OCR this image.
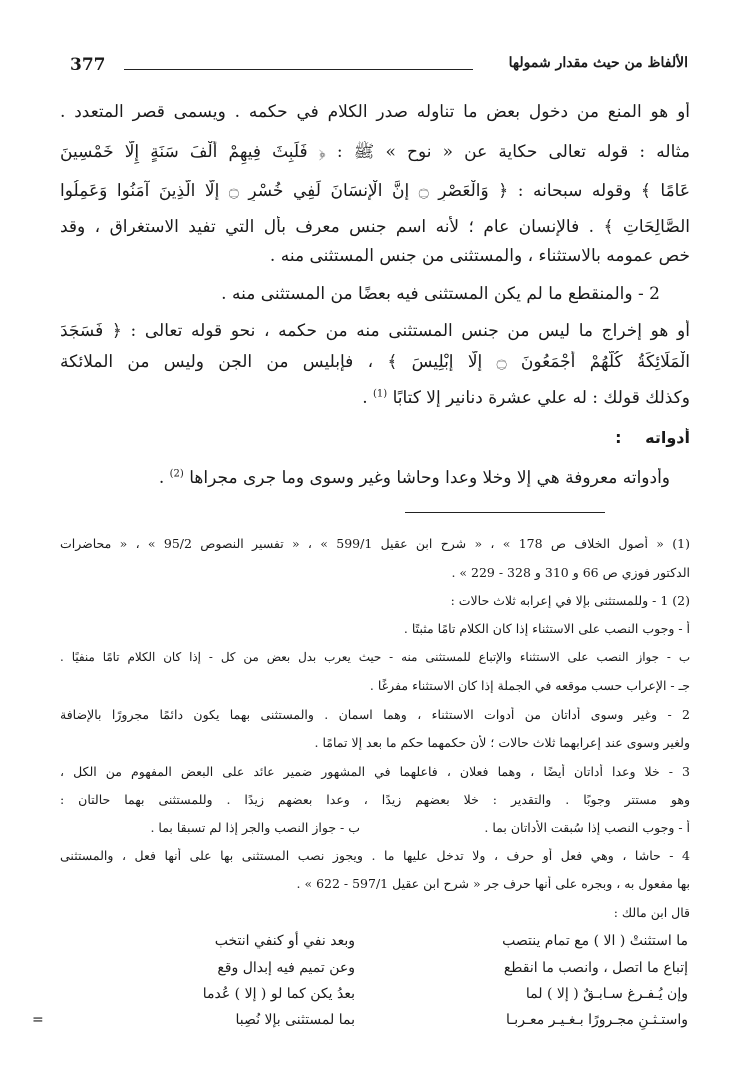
377	الألفاظ من حيث مقدار شمولها
أو هو المنع من دخول بعض ما تناوله صدر الكلام في حكمه . ويسمى قصر المتعدد .
مثاله : قوله تعالى حكاية عن « نوح » ﷺ : ﴿ فَلَبِثَ فِيهِمْ أَلْفَ سَنَةٍ إِلَّا خَمْسِينَ
عَامًا ﴾ وقوله سبحانه : ﴿ وَالْعَصْرِ ۝ إِنَّ الْإِنسَانَ لَفِي خُسْرٍ ۝ إِلَّا الَّذِينَ آمَنُوا وَعَمِلُوا
الصَّالِحَاتِ ﴾ . فالإنسان عام ؛ لأنه اسم جنس معرف بأل التي تفيد الاستغراق ، وقد
خص عمومه بالاستثناء ، والمستثنى من جنس المستثنى منه .
2 - والمنقطع ما لم يكن المستثنى فيه بعضًا من المستثنى منه .
أو هو إخراج ما ليس من جنس المستثنى منه من حكمه ، نحو قوله تعالى : ﴿ فَسَجَدَ
الْمَلَائِكَةُ كُلُّهُمْ أَجْمَعُونَ ۝ إِلَّا إِبْلِيسَ ﴾ ، فإبليس من الجن وليس من الملائكة
وكذلك قولك : له علي عشرة دنانير إلا كتابًا $^{(1)}$ .
أدواته :
وأدواته معروفة هي إلا وخلا وعدا وحاشا وغير وسوى وما جرى مجراها $^{(2)}$ .
(1) « أصول الخلاف ص 178 » ، « شرح ابن عقيل 599/1 » ، « تفسير النصوص 95/2 » ، « محاضرات
الدكتور فوزي ص 66 و 310 و 328 - 229 » .
(2) 1 - وللمستثنى بإلا في إعرابه ثلاث حالات :
أ - وجوب النصب على الاستثناء إذا كان الكلام تامًا مثبتًا .
ب - جواز النصب على الاستثناء والإتباع للمستثنى منه - حيث يعرب بدل بعض من كل - إذا كان الكلام تامًا منفيًا .
جـ - الإعراب حسب موقعه في الجملة إذا كان الاستثناء مفرغًا .
2 - وغير وسوى أداتان من أدوات الاستثناء ، وهما اسمان . والمستثنى بهما يكون دائمًا مجرورًا بالإضافة
ولغير وسوى عند إعرابهما ثلاث حالات ؛ لأن حكمهما حكم ما بعد إلا تمامًا .
3 - خلا وعدا أداتان أيضًا ، وهما فعلان ، فاعلهما في المشهور ضمير عائد على البعض المفهوم من الكل ،
وهو مستتر وجوبًا . والتقدير : خلا بعضهم زيدًا ، وعدا بعضهم زيدًا . وللمستثنى بهما حالتان :
أ - وجوب النصب إذا سُبقت الأداتان بما .
ب - جواز النصب والجر إذا لم تسبقا بما .
4 - حاشا ، وهي فعل أو حرف ، ولا تدخل عليها ما . ويجوز نصب المستثنى بها على أنها فعل ، والمستثنى
بها مفعول به ، وبجره على أنها حرف جر « شرح ابن عقيل 597/1 - 622 » .
قال ابن مالك :
ما استثنتْ ( الا ) مع تمام ينتصب
إتباع ما اتصل ، وانصب ما انقطع
وإن يُـفـرغ سـابـقٌ ( إلا ) لما
واستـثـنِ مجـرورًا بـغـيـر معـربـا
وبعد نفي أو كنفي انتخب
وعن تميم فيه إبدال وقع
بعدُ يكن كما لو ( إلا ) عُدما
بما لمستثنى بإلا نُصِبا
=
